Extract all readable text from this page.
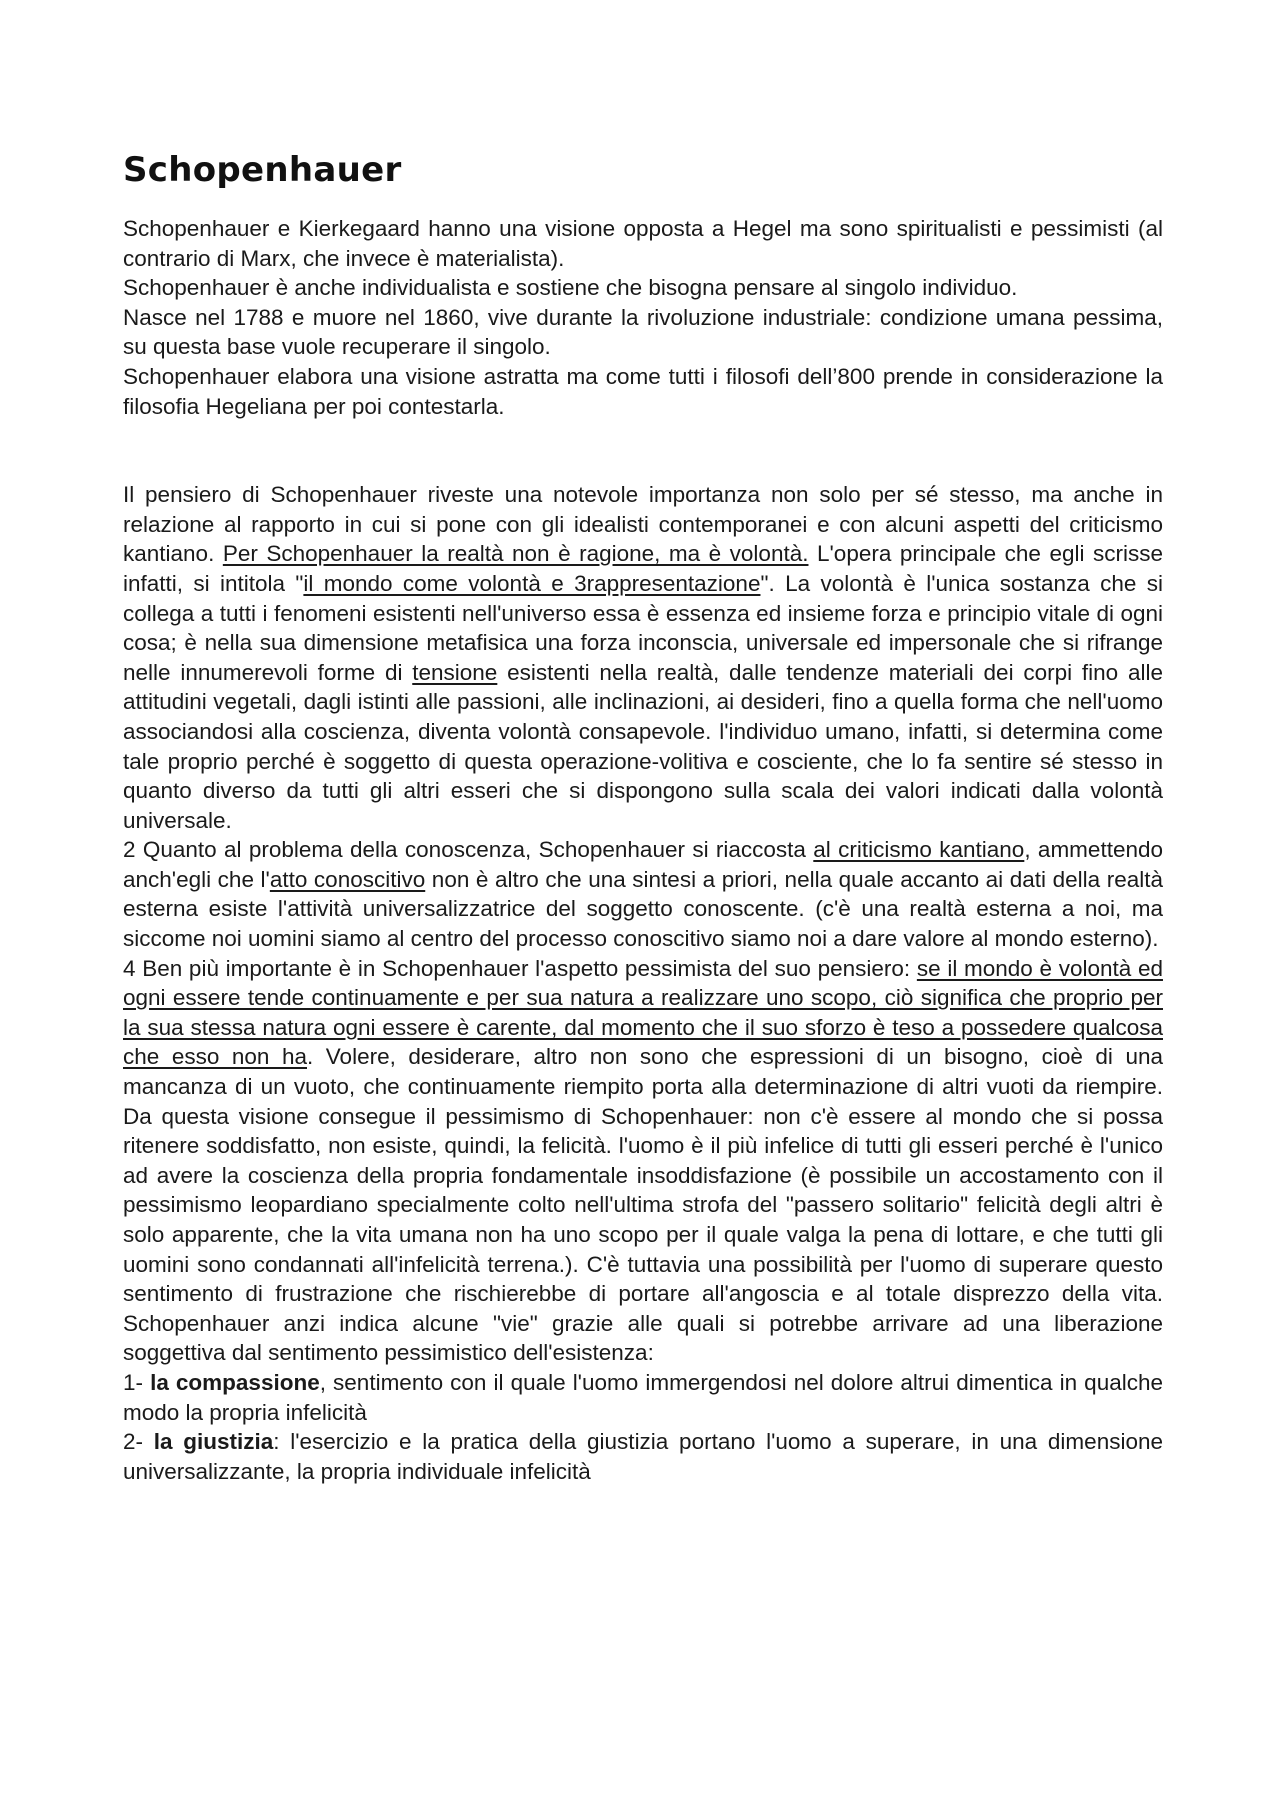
Schopenhauer

Schopenhauer e Kierkegaard hanno una visione opposta a Hegel ma sono spiritualisti e pessimisti (al contrario di Marx, che invece è materialista).

Schopenhauer è anche individualista e sostiene che bisogna pensare al singolo individuo.

Nasce nel 1788 e muore nel 1860, vive durante la rivoluzione industriale: condizione umana pessima, su questa base vuole recuperare il singolo.

Schopenhauer elabora una visione astratta ma come tutti i filosofi dell’800 prende in considerazione la filosofia Hegeliana per poi contestarla.

Il pensiero di Schopenhauer riveste una notevole importanza non solo per sé stesso, ma anche in relazione al rapporto in cui si pone con gli idealisti contemporanei e con alcuni aspetti del criticismo kantiano. Per Schopenhauer la realtà non è ragione, ma è volontà. L'opera principale che egli scrisse infatti, si intitola "il mondo come volontà e 3rappresentazione". La volontà è l'unica sostanza che si collega a tutti i fenomeni esistenti nell'universo essa è essenza ed insieme forza e principio vitale di ogni cosa; è nella sua dimensione metafisica una forza inconscia, universale ed impersonale che si rifrange nelle innumerevoli forme di tensione esistenti nella realtà, dalle tendenze materiali dei corpi fino alle attitudini vegetali, dagli istinti alle passioni, alle inclinazioni, ai desideri, fino a quella forma che nell'uomo associandosi alla coscienza, diventa volontà consapevole. l'individuo umano, infatti, si determina come tale proprio perché è soggetto di questa operazione-volitiva e cosciente, che lo fa sentire sé stesso in quanto diverso da tutti gli altri esseri che si dispongono sulla scala dei valori indicati dalla volontà universale.

2 Quanto al problema della conoscenza, Schopenhauer si riaccosta al criticismo kantiano, ammettendo anch'egli che l'atto conoscitivo non è altro che una sintesi a priori, nella quale accanto ai dati della realtà esterna esiste l'attività universalizzatrice del soggetto conoscente. (c'è una realtà esterna a noi, ma siccome noi uomini siamo al centro del processo conoscitivo siamo noi a dare valore al mondo esterno).

4 Ben più importante è in Schopenhauer l'aspetto pessimista del suo pensiero: se il mondo è volontà ed ogni essere tende continuamente e per sua natura a realizzare uno scopo, ciò significa che proprio per la sua stessa natura ogni essere è carente, dal momento che il suo sforzo è teso a possedere qualcosa che esso non ha. Volere, desiderare, altro non sono che espressioni di un bisogno, cioè di una mancanza di un vuoto, che continuamente riempito porta alla determinazione di altri vuoti da riempire. Da questa visione consegue il pessimismo di Schopenhauer: non c'è essere al mondo che si possa ritenere soddisfatto, non esiste, quindi, la felicità. l'uomo è il più infelice di tutti gli esseri perché è l'unico ad avere la coscienza della propria fondamentale insoddisfazione (è possibile un accostamento con il pessimismo leopardiano specialmente colto nell'ultima strofa del "passero solitario" felicità degli altri è solo apparente, che la vita umana non ha uno scopo per il quale valga la pena di lottare, e che tutti gli uomini sono condannati all'infelicità terrena.). C'è tuttavia una possibilità per l'uomo di superare questo sentimento di frustrazione che rischierebbe di portare all'angoscia e al totale disprezzo della vita. Schopenhauer anzi indica alcune "vie" grazie alle quali si potrebbe arrivare ad una liberazione soggettiva dal sentimento pessimistico dell'esistenza:

1- la compassione, sentimento con il quale l'uomo immergendosi nel dolore altrui dimentica in qualche modo la propria infelicità

2- la giustizia: l'esercizio e la pratica della giustizia portano l'uomo a superare, in una dimensione universalizzante, la propria individuale infelicità
